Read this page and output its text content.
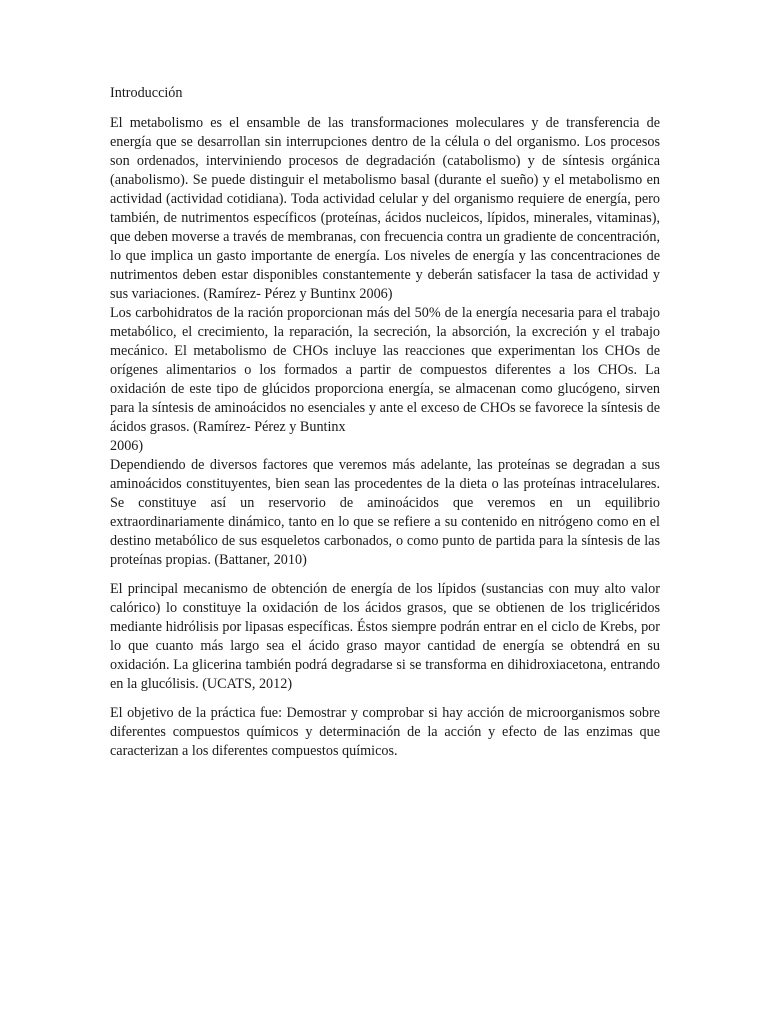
Introducción

El metabolismo es el ensamble de las transformaciones moleculares y de transferencia de energía que se desarrollan sin interrupciones dentro de la célula o del organismo. Los procesos son ordenados, interviniendo procesos de degradación (catabolismo) y de síntesis orgánica (anabolismo). Se puede distinguir el metabolismo basal (durante el sueño) y el metabolismo en actividad (actividad cotidiana). Toda actividad celular y del organismo requiere de energía, pero también, de nutrimentos específicos (proteínas, ácidos nucleicos, lípidos, minerales, vitaminas), que deben moverse a través de membranas, con frecuencia contra un gradiente de concentración, lo que implica un gasto importante de energía. Los niveles de energía y las concentraciones de nutrimentos deben estar disponibles constantemente y deberán satisfacer la tasa de actividad y sus variaciones. (Ramírez- Pérez y Buntinx 2006)

Los carbohidratos de la ración proporcionan más del 50% de la energía necesaria para el trabajo metabólico, el crecimiento, la reparación, la secreción, la absorción, la excreción y el trabajo mecánico. El metabolismo de CHOs incluye las reacciones que experimentan los CHOs de orígenes alimentarios o los formados a partir de compuestos diferentes a los CHOs. La oxidación de este tipo de glúcidos proporciona energía, se almacenan como glucógeno, sirven para la síntesis de aminoácidos no esenciales y ante el exceso de CHOs se favorece la síntesis de ácidos grasos. (Ramírez- Pérez y Buntinx

2006)

Dependiendo de diversos factores que veremos más adelante, las proteínas se degradan a sus aminoácidos constituyentes, bien sean las procedentes de la dieta o las proteínas intracelulares. Se constituye así un reservorio de aminoácidos que veremos en un equilibrio extraordinariamente dinámico, tanto en lo que se refiere a su contenido en nitrógeno como en el destino metabólico de sus esqueletos carbonados, o como punto de partida para la síntesis de las proteínas propias. (Battaner, 2010)

El principal mecanismo de obtención de energía de los lípidos (sustancias con muy alto valor calórico) lo constituye la oxidación de los ácidos grasos, que se obtienen de los triglicéridos mediante hidrólisis por lipasas específicas. Éstos siempre podrán entrar en el ciclo de Krebs, por lo que cuanto más largo sea el ácido graso mayor cantidad de energía se obtendrá en su oxidación. La glicerina también podrá degradarse si se transforma en dihidroxiacetona, entrando en la glucólisis. (UCATS, 2012)

El objetivo de la práctica fue: Demostrar y comprobar si hay acción de microorganismos sobre diferentes compuestos químicos y determinación de la acción y efecto de las enzimas que caracterizan a los diferentes compuestos químicos.
